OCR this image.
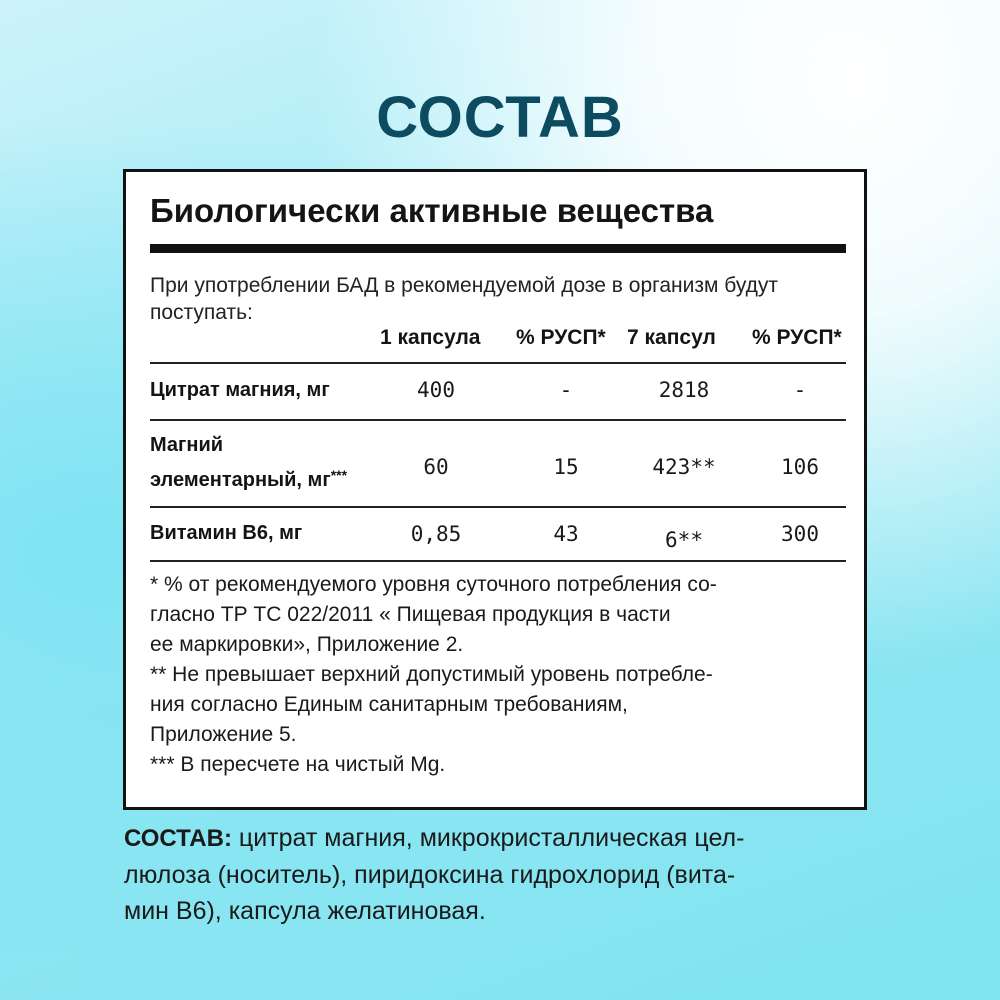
СОСТАВ
Биологически активные вещества
При употреблении БАД в рекомендуемой дозе в организм будут поступать:
1 капсула % РУСП* 7 капсул % РУСП*
Цитрат магния, мг	400	-	2818	-
Магний
элементарный, мг***	60	15	423**	106
Витамин В6, мг	0,85	43	6**	300
* % от рекомендуемого уровня суточного потребления со-
гласно ТР ТС 022/2011 « Пищевая продукция в части
ее маркировки», Приложение 2.
** Не превышает верхний допустимый уровень потребле-
ния согласно Единым санитарным требованиям,
Приложение 5.
*** В пересчете на чистый Mg.
СОСТАВ: цитрат магния, микрокристаллическая цел-
люлоза (носитель), пиридоксина гидрохлорид (вита-
мин В6), капсула желатиновая.
